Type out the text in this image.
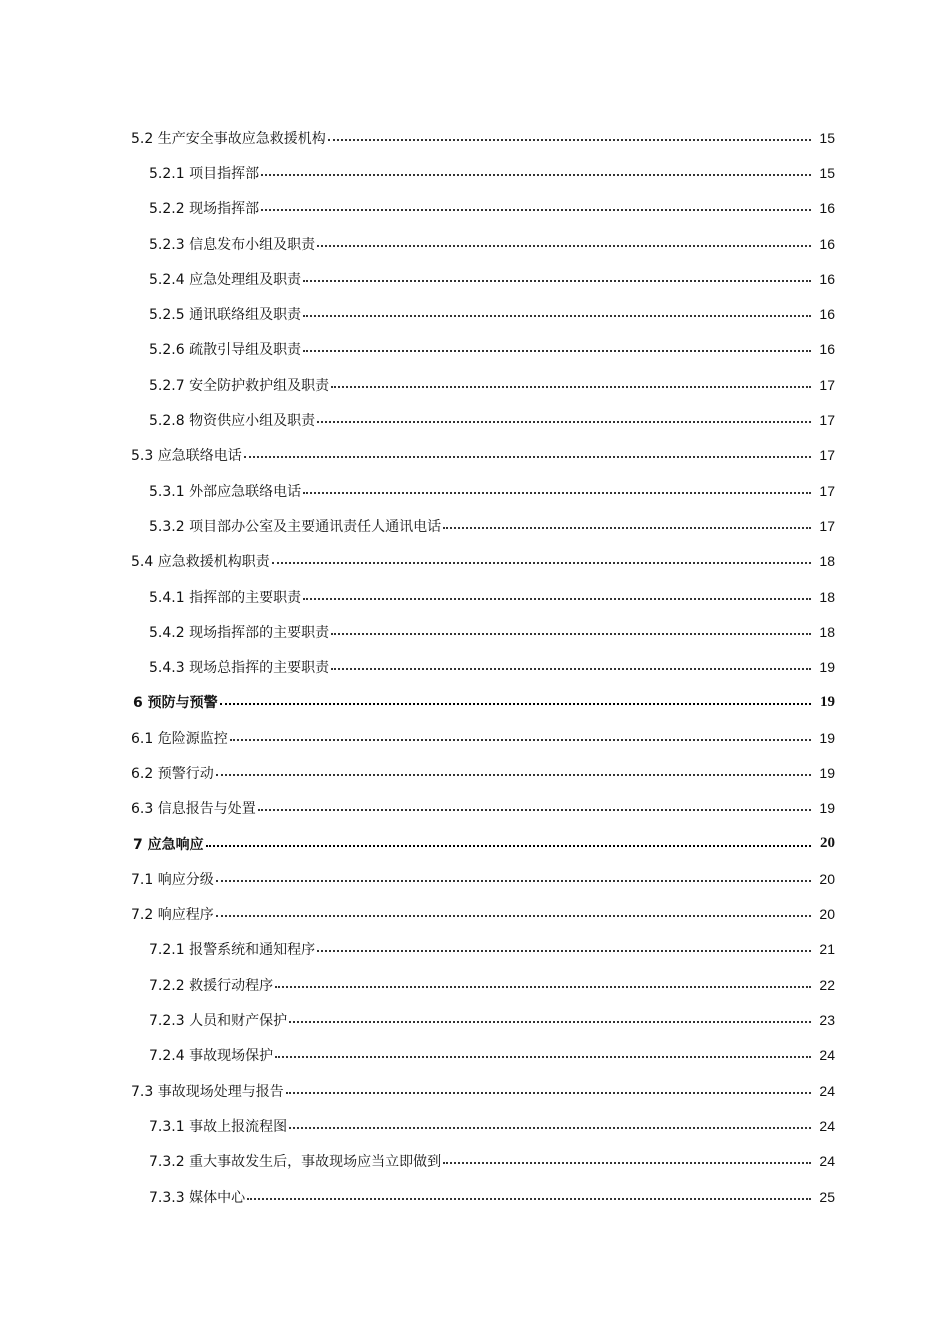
5.2 生产安全事故应急救援机构	15
5.2.1 项目指挥部	15
5.2.2 现场指挥部	16
5.2.3 信息发布小组及职责	16
5.2.4 应急处理组及职责	16
5.2.5 通讯联络组及职责	16
5.2.6 疏散引导组及职责	16
5.2.7 安全防护救护组及职责	17
5.2.8 物资供应小组及职责	17
5.3 应急联络电话	17
5.3.1 外部应急联络电话	17
5.3.2 项目部办公室及主要通讯责任人通讯电话	17
5.4 应急救援机构职责	18
5.4.1 指挥部的主要职责	18
5.4.2 现场指挥部的主要职责	18
5.4.3 现场总指挥的主要职责	19
6 预防与预警	19
6.1 危险源监控	19
6.2 预警行动	19
6.3 信息报告与处置	19
7 应急响应	20
7.1 响应分级	20
7.2 响应程序	20
7.2.1 报警系统和通知程序	21
7.2.2 救援行动程序	22
7.2.3 人员和财产保护	23
7.2.4 事故现场保护	24
7.3 事故现场处理与报告	24
7.3.1 事故上报流程图	24
7.3.2 重大事故发生后，事故现场应当立即做到	24
7.3.3 媒体中心	25
